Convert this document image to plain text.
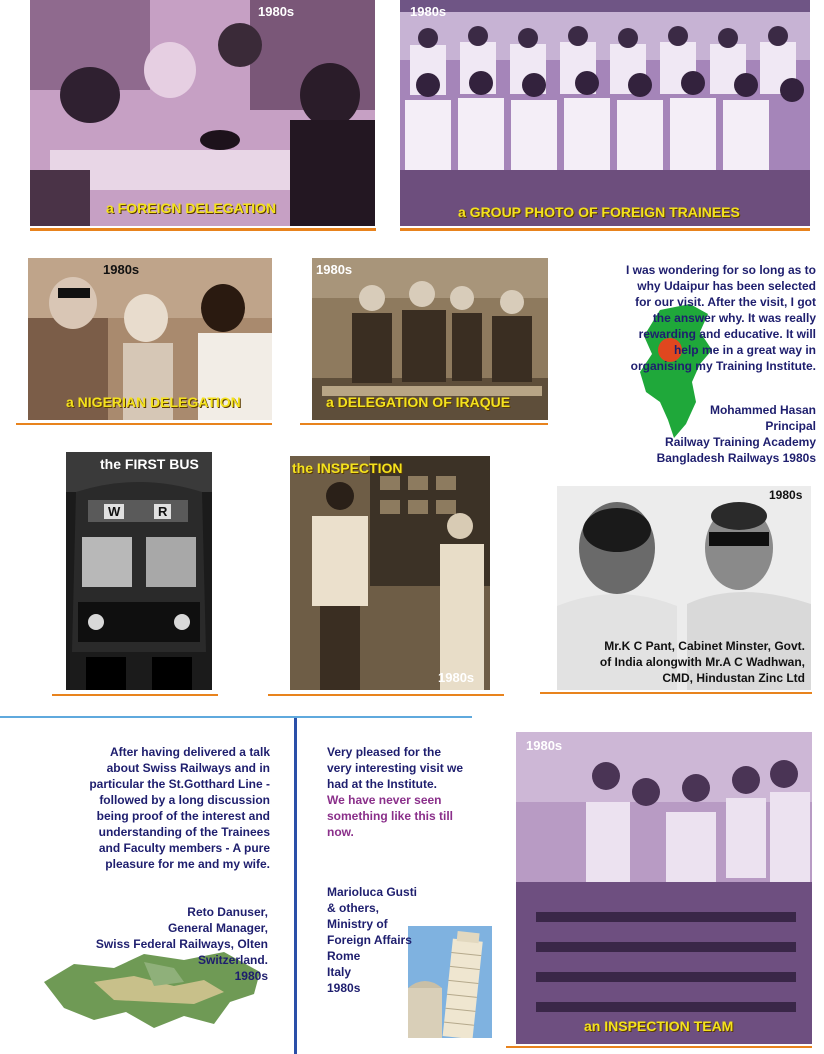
1980s
a FOREIGN DELEGATION
1980s
a GROUP PHOTO OF FOREIGN TRAINEES
1980s
a NIGERIAN DELEGATION
1980s
a DELEGATION OF IRAQUE
I was wondering for so long as to
why Udaipur has been selected
for our visit. After the visit, I got
the answer why. It was really
rewarding and educative. It will
help me in a great way in
organising my Training Institute.
Mohammed Hasan
Principal
Railway Training Academy
Bangladesh Railways 1980s
the FIRST BUS
W	R
the INSPECTION
1980s
1980s
Mr.K C Pant, Cabinet Minster, Govt.
of India alongwith Mr.A C Wadhwan,
CMD, Hindustan Zinc Ltd
After having delivered a talk
about Swiss Railways and in
particular the St.Gotthard Line -
followed by a long discussion
being proof of the interest and
understanding of the Trainees
and Faculty members - A pure
pleasure for me and my wife.
Reto Danuser,
General Manager,
Swiss Federal Railways, Olten
Switzerland.
1980s
Very pleased for the
very interesting visit we
had at the Institute.
We have never seen
something like this till
now.
Marioluca Gusti
& others,
Ministry of
Foreign Affairs
Rome
Italy
1980s
1980s
an INSPECTION TEAM
